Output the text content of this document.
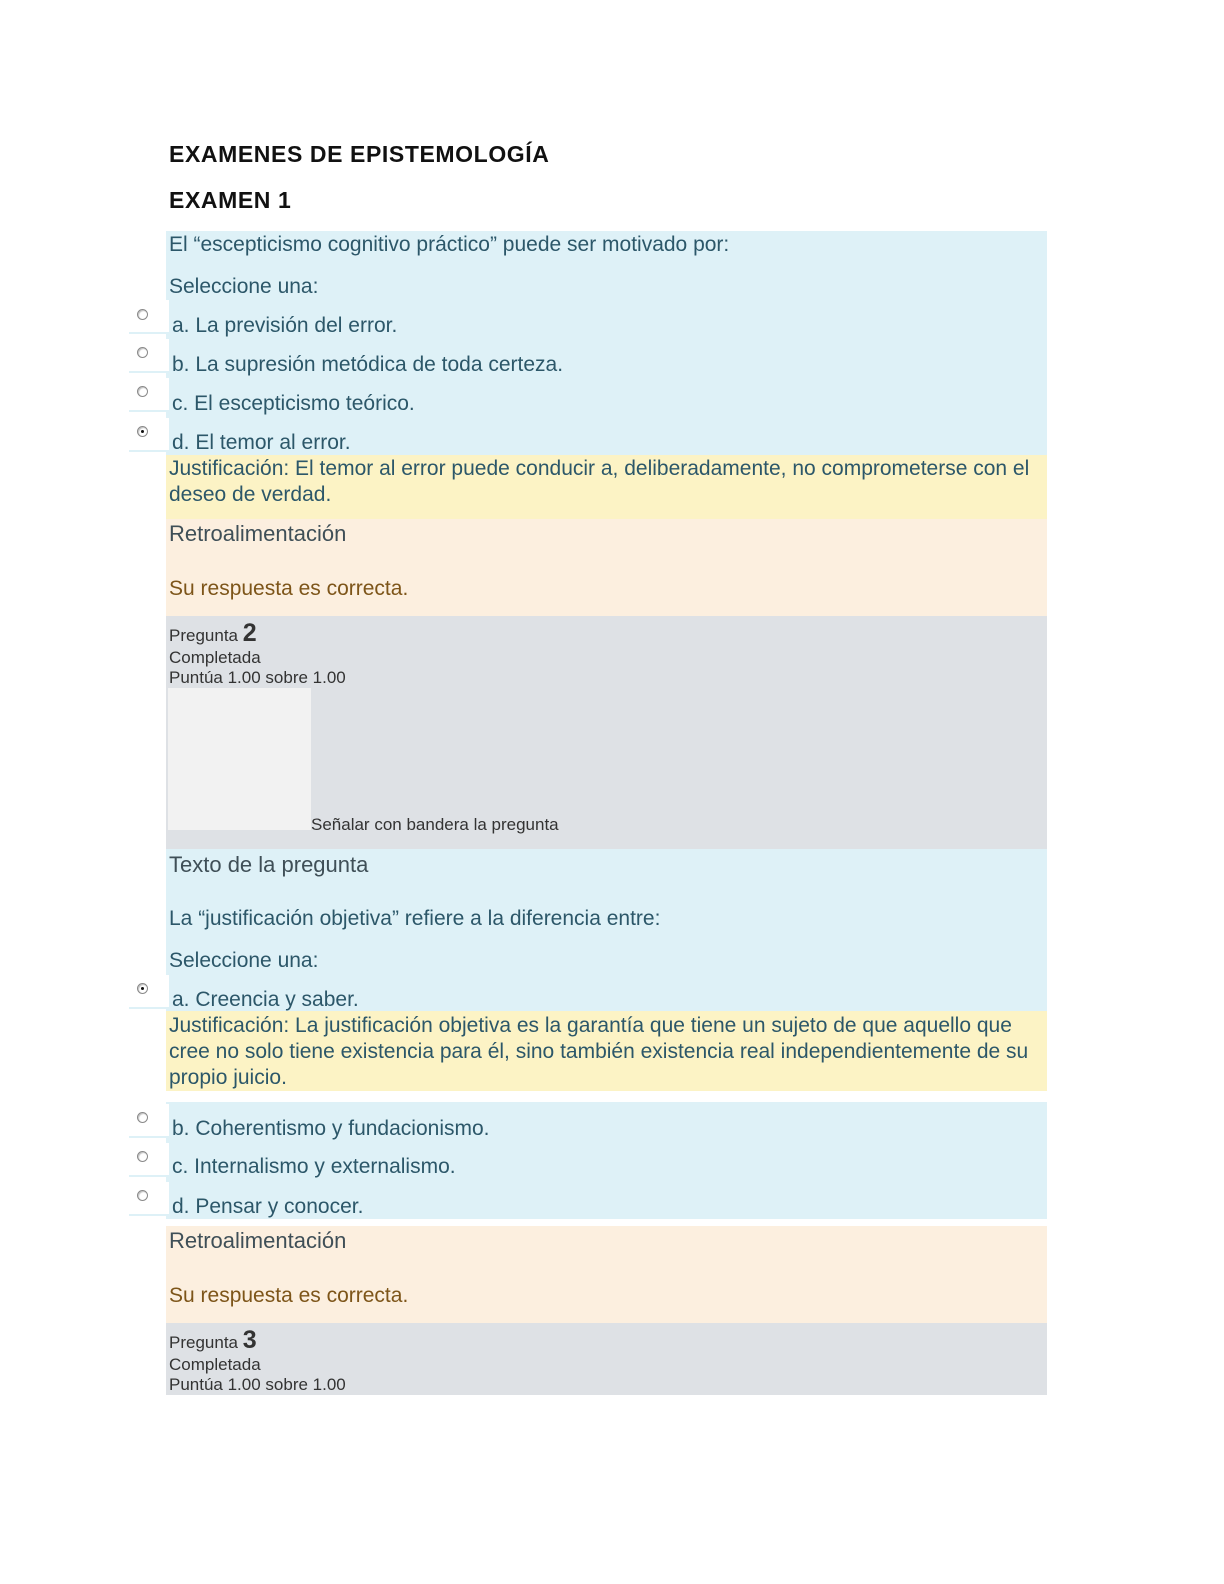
EXAMENES DE EPISTEMOLOGÍA
EXAMEN 1
El “escepticismo cognitivo práctico” puede ser motivado por:
Seleccione una:
a. La previsión del error.
b. La supresión metódica de toda certeza.
c. El escepticismo teórico.
d. El temor al error.
Justificación: El temor al error puede conducir a, deliberadamente, no comprometerse con el deseo de verdad.
Retroalimentación
Su respuesta es correcta.
Pregunta 2
Completada
Puntúa 1.00 sobre 1.00
Señalar con bandera la pregunta
Texto de la pregunta
La “justificación objetiva” refiere a la diferencia entre:
Seleccione una:
a. Creencia y saber.
Justificación: La justificación objetiva es la garantía que tiene un sujeto de que aquello que cree no solo tiene existencia para él, sino también existencia real independientemente de su propio juicio.
b. Coherentismo y fundacionismo.
c. Internalismo y externalismo.
d. Pensar y conocer.
Retroalimentación
Su respuesta es correcta.
Pregunta 3
Completada
Puntúa 1.00 sobre 1.00
